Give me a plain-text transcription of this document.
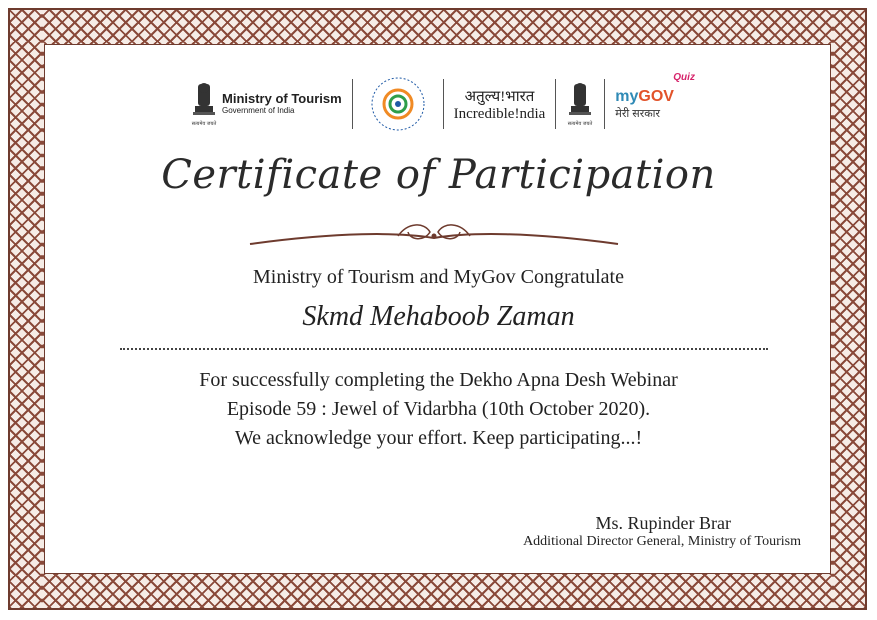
सत्यमेव जयते
Ministry of Tourism
Government of India
अतुल्य!भारत
Incredible!ndia
सत्यमेव जयते
myGOV
Quiz
मेरी सरकार
Certificate of Participation
Ministry of Tourism and MyGov Congratulate
Skmd Mehaboob Zaman
For successfully completing the Dekho Apna Desh Webinar
Episode 59 : Jewel of Vidarbha (10th October 2020).
We acknowledge your effort. Keep participating...!
Ms. Rupinder Brar
Additional Director General, Ministry of Tourism
